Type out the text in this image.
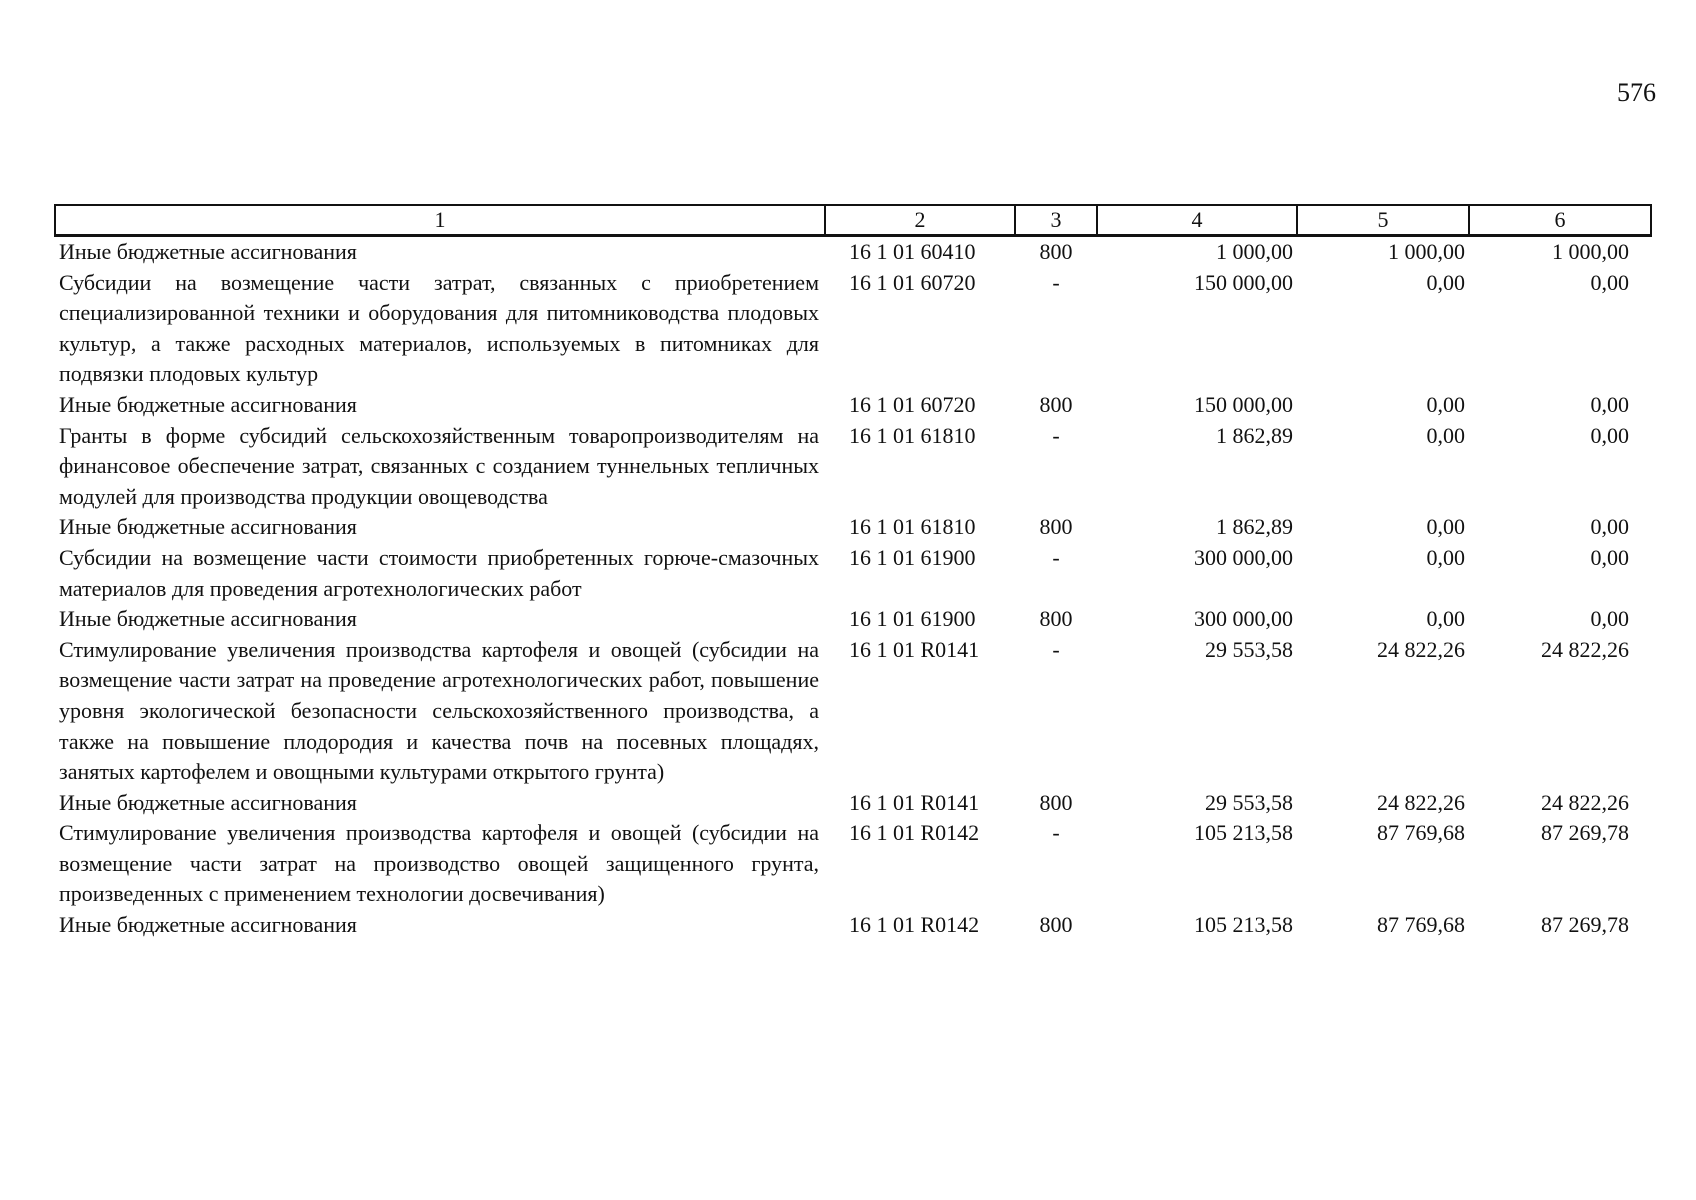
576
1	2	3	4	5	6
Иные бюджетные ассигнования	16 1 01 60410	800	1 000,00	1 000,00	1 000,00
Субсидии на возмещение части затрат, связанных с приобретением специализированной техники и оборудования для питомниководства плодовых культур, а также расходных материалов, используемых в питомниках для подвязки плодовых культур	16 1 01 60720	-	150 000,00	0,00	0,00
Иные бюджетные ассигнования	16 1 01 60720	800	150 000,00	0,00	0,00
Гранты в форме субсидий сельскохозяйственным товаропроизводителям на финансовое обеспечение затрат, связанных с созданием туннельных тепличных модулей для производства продукции овощеводства	16 1 01 61810	-	1 862,89	0,00	0,00
Иные бюджетные ассигнования	16 1 01 61810	800	1 862,89	0,00	0,00
Субсидии на возмещение части стоимости приобретенных горюче-смазочных материалов для проведения агротехнологических работ	16 1 01 61900	-	300 000,00	0,00	0,00
Иные бюджетные ассигнования	16 1 01 61900	800	300 000,00	0,00	0,00
Стимулирование увеличения производства картофеля и овощей (субсидии на возмещение части затрат на проведение агротехнологических работ, повышение уровня экологической безопасности сельскохозяйственного производства, а также на повышение плодородия и качества почв на посевных площадях, занятых картофелем и овощными культурами открытого грунта)	16 1 01 R0141	-	29 553,58	24 822,26	24 822,26
Иные бюджетные ассигнования	16 1 01 R0141	800	29 553,58	24 822,26	24 822,26
Стимулирование увеличения производства картофеля и овощей (субсидии на возмещение части затрат на производство овощей защищенного грунта, произведенных с применением технологии досвечивания)	16 1 01 R0142	-	105 213,58	87 769,68	87 269,78
Иные бюджетные ассигнования	16 1 01 R0142	800	105 213,58	87 769,68	87 269,78
